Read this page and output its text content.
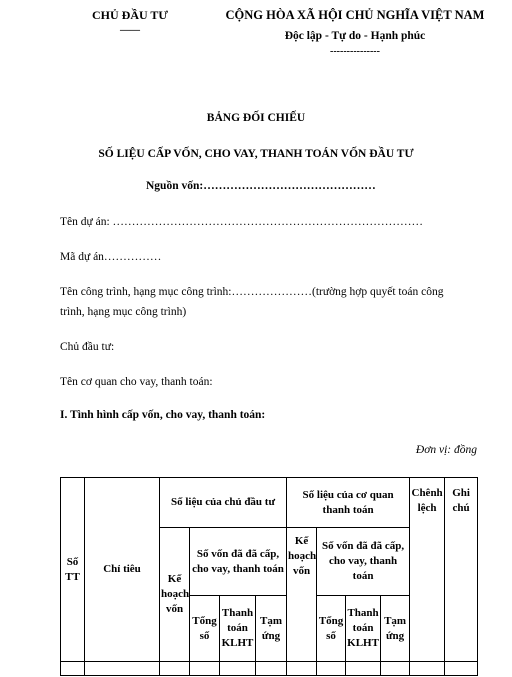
CHỦ ĐẦU TƯ
——
CỘNG HÒA XÃ HỘI CHỦ NGHĨA VIỆT NAM
Độc lập - Tự do - Hạnh phúc
---------------
BẢNG ĐỐI CHIẾU
SỐ LIỆU CẤP VỐN, CHO VAY, THANH TOÁN VỐN ĐẦU TƯ
Nguồn vốn:………………………………………
Tên dự án: ………………………………………………………………………
Mã dự án……………
Tên công trình, hạng mục công trình:…………………(trường hợp quyết toán công
trình, hạng mục công trình)
Chủ đầu tư:
Tên cơ quan cho vay, thanh toán:
I. Tình hình cấp vốn, cho vay, thanh toán:
Đơn vị: đồng
Số TT	Chỉ tiêu	Số liệu của chủ đầu tư				Số liệu của cơ quan thanh toán				Chênh lệch	Ghi chú
		Kế hoạch vốn	Số vốn đã đã cấp, cho vay, thanh toán			Kế hoạch vốn	Số vốn đã đã cấp, cho vay, thanh toán				
			Tổng số	Thanh toán KLHT	Tạm ứng		Tổng số	Thanh toán KLHT	Tạm ứng		
